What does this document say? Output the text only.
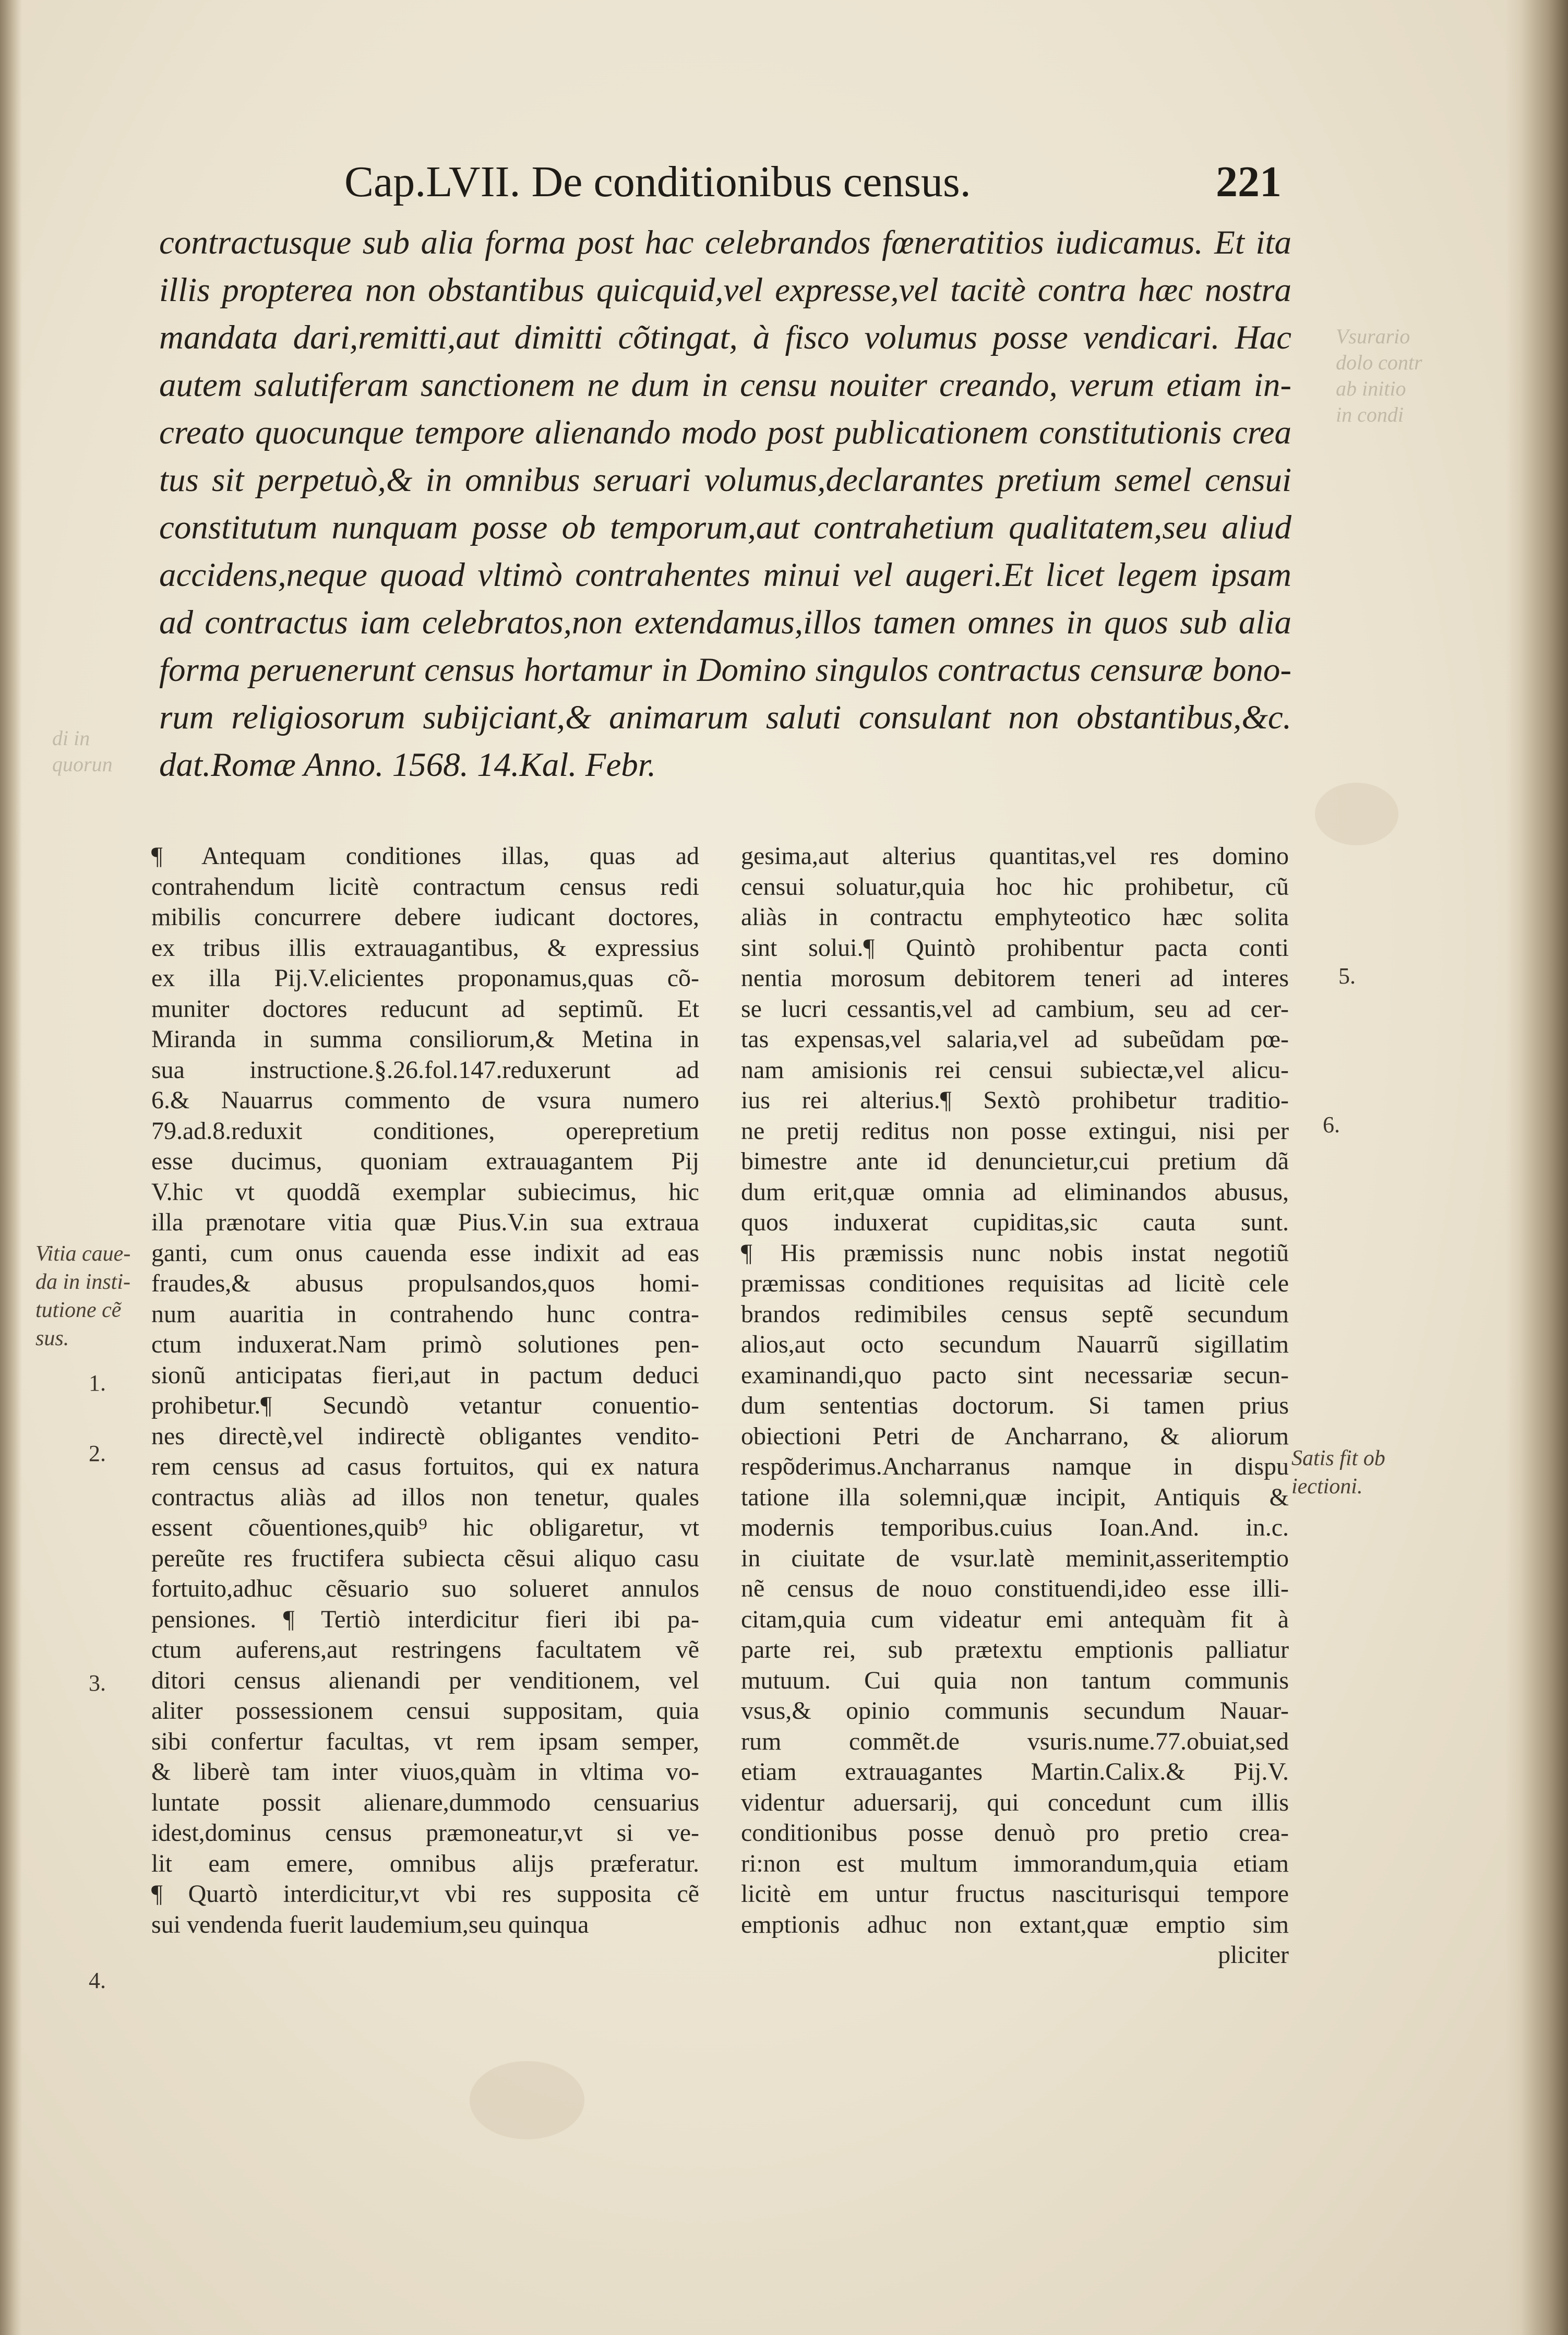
Vsurario
dolo contr
ab initio
in condi
di in
quorun
Cap.LVII. De conditionibus census.	221
contractusque sub alia forma post hac celebrandos fœneratitios iudicamus. Et ita
illis propterea non obstantibus quicquid,vel expresse,vel tacitè contra hæc nostra
mandata dari,remitti,aut dimitti cõtingat, à fisco volumus posse vendicari. Hac
autem salutiferam sanctionem ne dum in censu nouiter creando, verum etiam in-
creato quocunque tempore alienando modo post publicationem constitutionis crea
tus sit perpetuò,& in omnibus seruari volumus,declarantes pretium semel censui
constitutum nunquam posse ob temporum,aut contrahetium qualitatem,seu aliud
accidens,neque quoad vltimò contrahentes minui vel augeri.Et licet legem ipsam
ad contractus iam celebratos,non extendamus,illos tamen omnes in quos sub alia
forma peruenerunt census hortamur in Domino singulos contractus censuræ bono-
rum religiosorum subijciant,& animarum saluti consulant non obstantibus,&c.
dat.Romæ Anno. 1568. 14.Kal. Febr.
¶ Antequam conditiones illas, quas ad
contrahendum licitè contractum census redi
mibilis concurrere debere iudicant doctores,
ex tribus illis extrauagantibus, & expressius
ex illa Pij.V.elicientes proponamus,quas cõ-
muniter doctores reducunt ad septimũ. Et
Miranda in summa consiliorum,& Metina in
sua instructione.§.26.fol.147.reduxerunt ad
6.& Nauarrus commento de vsura numero
79.ad.8.reduxit conditiones, operepretium
esse ducimus, quoniam extrauagantem Pij
V.hic vt quoddã exemplar subiecimus, hic
illa prænotare vitia quæ Pius.V.in sua extraua
ganti, cum onus cauenda esse indixit ad eas
fraudes,& abusus propulsandos,quos homi-
num auaritia in contrahendo hunc contra-
ctum induxerat.Nam primò solutiones pen-
sionũ anticipatas fieri,aut in pactum deduci
prohibetur.¶ Secundò vetantur conuentio-
nes directè,vel indirectè obligantes vendito-
rem census ad casus fortuitos, qui ex natura
contractus aliàs ad illos non tenetur, quales
essent cõuentiones,quib⁹ hic obligaretur, vt
pereũte res fructifera subiecta cẽsui aliquo casu
fortuito,adhuc cẽsuario suo solueret annulos
pensiones. ¶ Tertiò interdicitur fieri ibi pa-
ctum auferens,aut restringens facultatem vẽ
ditori census alienandi per venditionem, vel
aliter possessionem censui suppositam, quia
sibi confertur facultas, vt rem ipsam semper,
& liberè tam inter viuos,quàm in vltima vo-
luntate possit alienare,dummodo censuarius
idest,dominus census præmoneatur,vt si ve-
lit eam emere, omnibus alijs præferatur.
¶ Quartò interdicitur,vt vbi res supposita cẽ
sui vendenda fuerit laudemium,seu quinqua
gesima,aut alterius quantitas,vel res domino
censui soluatur,quia hoc hic prohibetur, cũ
aliàs in contractu emphyteotico hæc solita
sint solui.¶ Quintò prohibentur pacta conti
nentia morosum debitorem teneri ad interes
se lucri cessantis,vel ad cambium, seu ad cer-
tas expensas,vel salaria,vel ad subeũdam pœ-
nam amisionis rei censui subiectæ,vel alicu-
ius rei alterius.¶ Sextò prohibetur traditio-
ne pretij reditus non posse extingui, nisi per
bimestre ante id denuncietur,cui pretium dã
dum erit,quæ omnia ad eliminandos abusus,
quos induxerat cupiditas,sic cauta sunt.
¶ His præmissis nunc nobis instat negotiũ
præmissas conditiones requisitas ad licitè cele
brandos redimibiles census septẽ secundum
alios,aut octo secundum Nauarrũ sigillatim
examinandi,quo pacto sint necessariæ secun-
dum sententias doctorum. Si tamen prius
obiectioni Petri de Ancharrano, & aliorum
respõderimus.Ancharranus namque in dispu
tatione illa solemni,quæ incipit, Antiquis &
modernis temporibus.cuius Ioan.And. in.c.
in ciuitate de vsur.latè meminit,asseritemptio
nẽ census de nouo constituendi,ideo esse illi-
citam,quia cum videatur emi antequàm fit à
parte rei, sub prætextu emptionis palliatur
mutuum. Cui quia non tantum communis
vsus,& opinio communis secundum Nauar-
rum commẽt.de vsuris.nume.77.obuiat,sed
etiam extrauagantes Martin.Calix.& Pij.V.
videntur aduersarij, qui concedunt cum illis
conditionibus posse denuò pro pretio crea-
ri:non est multum immorandum,quia etiam
licitè em untur fructus nasciturisqui tempore
emptionis adhuc non extant,quæ emptio sim
pliciter
Vitia caue-
da in insti-
tutione cẽ
sus.
Satis fit ob
iectioni.
1.
2.
3.
4.
5.
6.
